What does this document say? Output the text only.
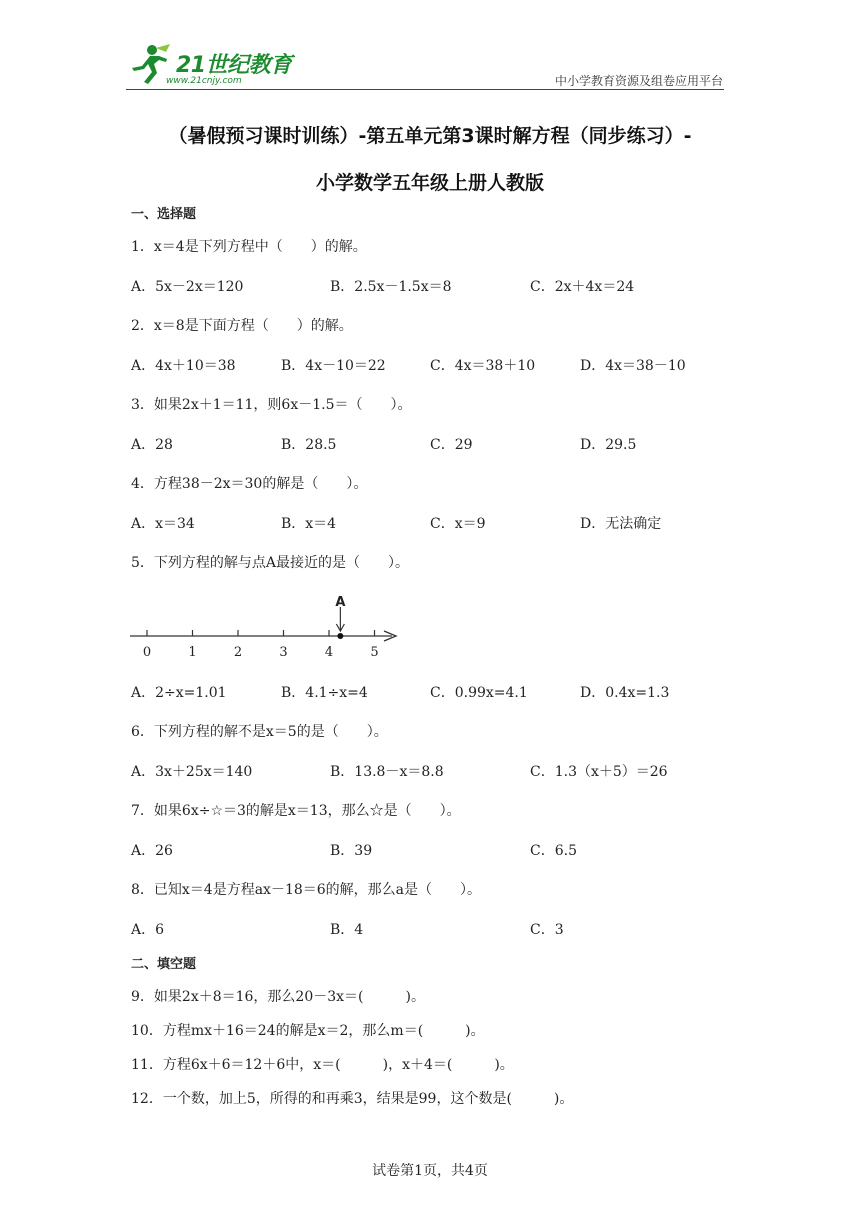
21世纪教育
www.21cnjy.com	中小学教育资源及组卷应用平台
（暑假预习课时训练）-第五单元第3课时解方程（同步练习）-
小学数学五年级上册人教版
一、选择题
1．x＝4是下列方程中（　　）的解。
A．5x－2x＝120	B．2.5x－1.5x＝8	C．2x＋4x＝24
2．x＝8是下面方程（　　）的解。
A．4x＋10＝38	B．4x－10＝22	C．4x＝38＋10	D．4x＝38－10
3．如果2x＋1＝11，则6x－1.5＝（　　）。
A．28	B．28.5	C．29	D．29.5
4．方程38－2x＝30的解是（　　）。
A．x＝34	B．x＝4	C．x＝9	D．无法确定
5．下列方程的解与点A最接近的是（　　）。
0	1	2	3	4	5
A
A．2÷x=1.01	B．4.1÷x=4	C．0.99x=4.1	D．0.4x=1.3
6．下列方程的解不是x＝5的是（　　）。
A．3x＋25x＝140	B．13.8－x＝8.8	C．1.3（x＋5）＝26
7．如果6x÷☆＝3的解是x＝13，那么☆是（　　）。
A．26	B．39	C．6.5
8．已知x＝4是方程ax－18＝6的解，那么a是（　　）。
A．6	B．4	C．3
二、填空题
9．如果2x＋8＝16，那么20－3x＝(　　　)。
10．方程mx＋16＝24的解是x＝2，那么m＝(　　　)。
11．方程6x＋6＝12＋6中，x＝(　　　)，x＋4＝(　　　)。
12．一个数，加上5，所得的和再乘3，结果是99，这个数是(　　　)。
试卷第1页，共4页
